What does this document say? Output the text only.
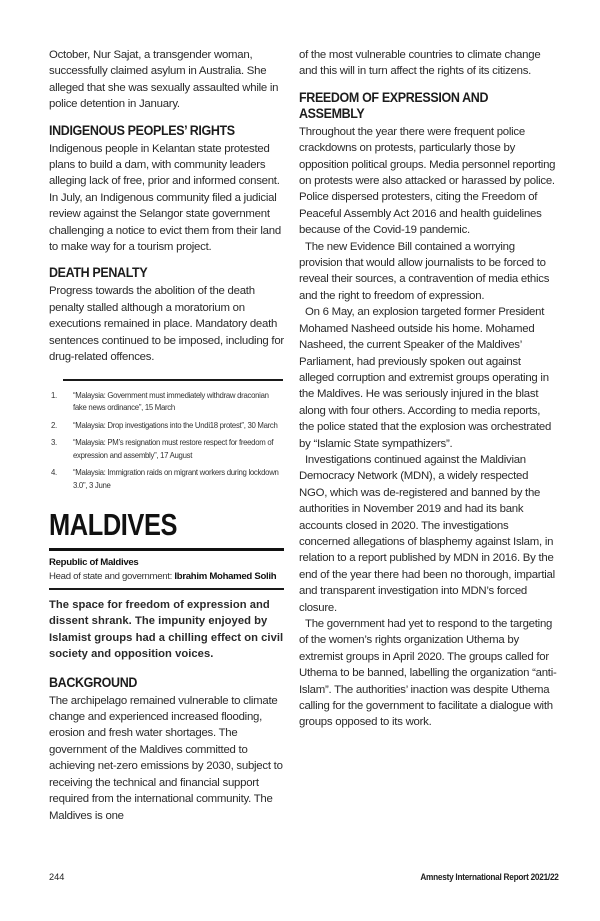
October, Nur Sajat, a transgender woman, successfully claimed asylum in Australia. She alleged that she was sexually assaulted while in police detention in January.

INDIGENOUS PEOPLES’ RIGHTS

Indigenous people in Kelantan state protested plans to build a dam, with community leaders alleging lack of free, prior and informed consent. In July, an Indigenous community filed a judicial review against the Selangor state government challenging a notice to evict them from their land to make way for a tourism project.

DEATH PENALTY

Progress towards the abolition of the death penalty stalled although a moratorium on executions remained in place. Mandatory death sentences continued to be imposed, including for drug-related offences.

1. “Malaysia: Government must immediately withdraw draconian fake news ordinance”, 15 March
2. “Malaysia: Drop investigations into the Undi18 protest”, 30 March
3. “Malaysia: PM’s resignation must restore respect for freedom of expression and assembly”, 17 August
4. “Malaysia: Immigration raids on migrant workers during lockdown 3.0”, 3 June
MALDIVES
Republic of Maldives
Head of state and government: Ibrahim Mohamed Solih

The space for freedom of expression and dissent shrank. The impunity enjoyed by Islamist groups had a chilling effect on civil society and opposition voices.

BACKGROUND

The archipelago remained vulnerable to climate change and experienced increased flooding, erosion and fresh water shortages. The government of the Maldives committed to achieving net-zero emissions by 2030, subject to receiving the technical and financial support required from the international community. The Maldives is one

of the most vulnerable countries to climate change and this will in turn affect the rights of its citizens.

FREEDOM OF EXPRESSION AND ASSEMBLY

Throughout the year there were frequent police crackdowns on protests, particularly those by opposition political groups. Media personnel reporting on protests were also attacked or harassed by police. Police dispersed protesters, citing the Freedom of Peaceful Assembly Act 2016 and health guidelines because of the Covid-19 pandemic.

The new Evidence Bill contained a worrying provision that would allow journalists to be forced to reveal their sources, a contravention of media ethics and the right to freedom of expression.

On 6 May, an explosion targeted former President Mohamed Nasheed outside his home. Mohamed Nasheed, the current Speaker of the Maldives’ Parliament, had previously spoken out against alleged corruption and extremist groups operating in the Maldives. He was seriously injured in the blast along with four others. According to media reports, the police stated that the explosion was orchestrated by “Islamic State sympathizers”.

Investigations continued against the Maldivian Democracy Network (MDN), a widely respected NGO, which was de-registered and banned by the authorities in November 2019 and had its bank accounts closed in 2020. The investigations concerned allegations of blasphemy against Islam, in relation to a report published by MDN in 2016. By the end of the year there had been no thorough, impartial and transparent investigation into MDN’s forced closure.

The government had yet to respond to the targeting of the women’s rights organization Uthema by extremist groups in April 2020. The groups called for Uthema to be banned, labelling the organization “anti-Islam”. The authorities’ inaction was despite Uthema calling for the government to facilitate a dialogue with groups opposed to its work.

244	Amnesty International Report 2021/22
